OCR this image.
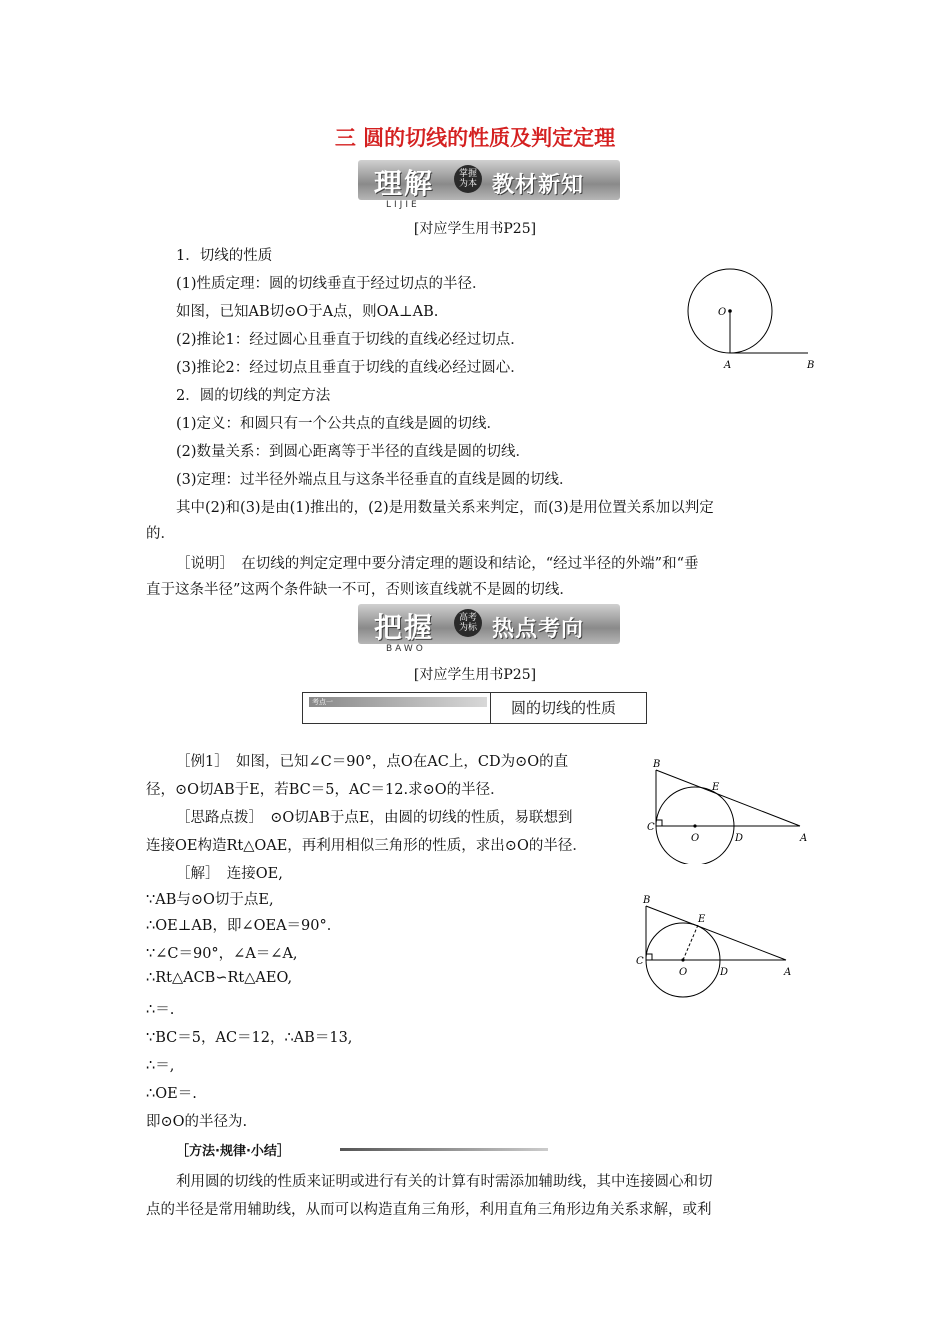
三 圆的切线的性质及判定定理
理解	掌握 为本 教材新知
LIJIE
[对应学生用书P25]
1．切线的性质
(1)性质定理：圆的切线垂直于经过切点的半径．
如图，已知AB切⊙O于A点，则OA⊥AB.
(2)推论1：经过圆心且垂直于切线的直线必经过切点．
(3)推论2：经过切点且垂直于切线的直线必经过圆心．
O
A	B
2．圆的切线的判定方法
(1)定义：和圆只有一个公共点的直线是圆的切线．
(2)数量关系：到圆心距离等于半径的直线是圆的切线．
(3)定理：过半径外端点且与这条半径垂直的直线是圆的切线．
其中(2)和(3)是由(1)推出的，(2)是用数量关系来判定，而(3)是用位置关系加以判定
的．
［说明］　在切线的判定定理中要分清定理的题设和结论，“经过半径的外端”和“垂
直于这条半径”这两个条件缺一不可，否则该直线就不是圆的切线．
把握	高考 为标 热点考向
BAWO
[对应学生用书P25]
考点一	圆的切线的性质
［例1］　如图，已知∠C＝90°，点O在AC上，CD为⊙O的直
径，⊙O切AB于E，若BC＝5，AC＝12.求⊙O的半径．
［思路点拨］　⊙O切AB于点E，由圆的切线的性质，易联想到
连接OE构造Rt△OAE，再利用相似三角形的性质，求出⊙O的半径．
［解］　连接OE,
∵AB与⊙O切于点E,
∴OE⊥AB，即∠OEA＝90°．
∵∠C＝90°，∠A＝∠A,
∴Rt△ACB∽Rt△AEO,
∴＝.
∵BC＝5，AC＝12，∴AB＝13,
∴＝,
∴OE＝.
即⊙O的半径为.
B
E
C
O	D	A
B
E
C
O	D	A
［方法·规律·小结］
利用圆的切线的性质来证明或进行有关的计算有时需添加辅助线，其中连接圆心和切
点的半径是常用辅助线，从而可以构造直角三角形，利用直角三角形边角关系求解，或利
